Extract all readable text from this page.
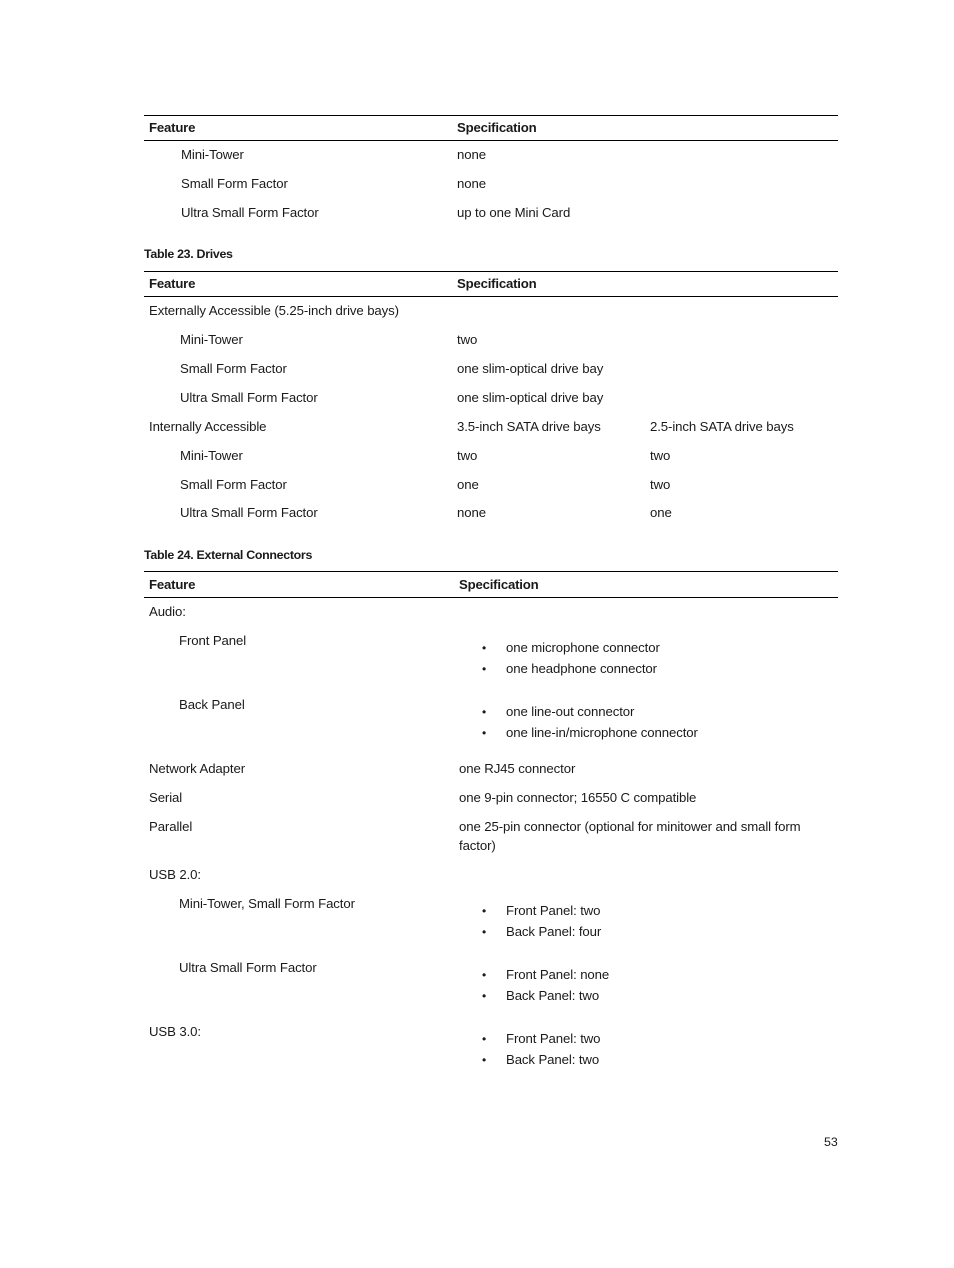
Feature	Specification
Mini-Tower	none
Small Form Factor	none
Ultra Small Form Factor	up to one Mini Card
Table 23. Drives
Feature	Specification
Externally Accessible (5.25-inch drive bays)
Mini-Tower	two
Small Form Factor	one slim-optical drive bay
Ultra Small Form Factor	one slim-optical drive bay
Internally Accessible	3.5-inch SATA drive bays	2.5-inch SATA drive bays
Mini-Tower	two	two
Small Form Factor	one	two
Ultra Small Form Factor	none	one
Table 24. External Connectors
Feature	Specification
Audio:
Front Panel	• one microphone connector
• one headphone connector
Back Panel	• one line-out connector
• one line-in/microphone connector
Network Adapter	one RJ45 connector
Serial	one 9-pin connector; 16550 C compatible
Parallel	one 25-pin connector (optional for minitower and small form
factor)
USB 2.0:
Mini-Tower, Small Form Factor	• Front Panel: two
• Back Panel: four
Ultra Small Form Factor	• Front Panel: none
• Back Panel: two
USB 3.0:	• Front Panel: two
• Back Panel: two
53
